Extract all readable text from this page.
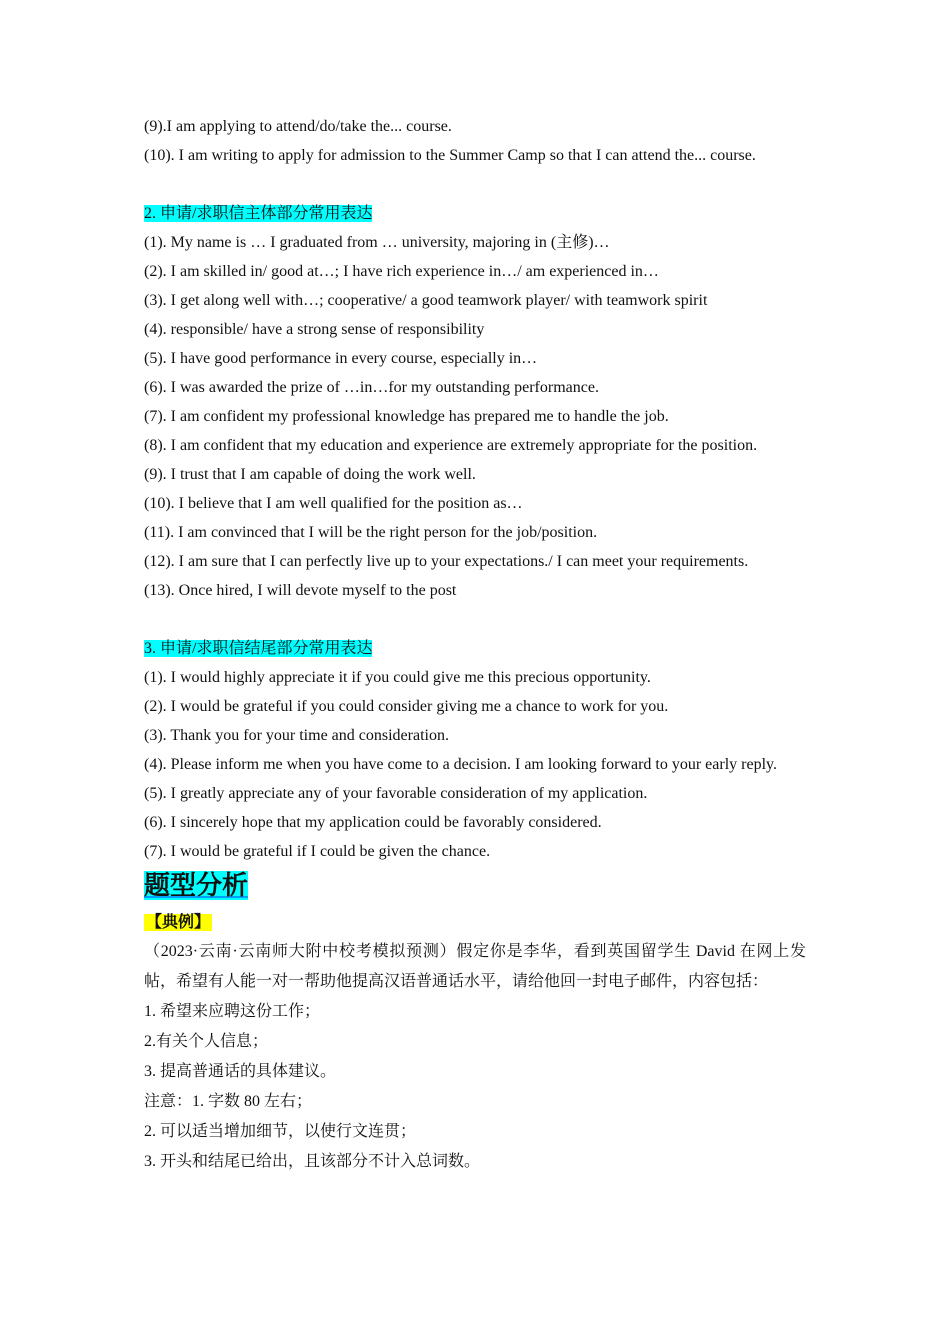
(9).I am applying to attend/do/take the... course.
(10). I am writing to apply for admission to the Summer Camp so that I can attend the... course.
2. 申请/求职信主体部分常用表达
(1). My name is … I graduated from … university, majoring in (主修)…
(2). I am skilled in/ good at…; I have rich experience in…/ am experienced in…
(3). I get along well with…; cooperative/ a good teamwork player/ with teamwork spirit
(4). responsible/ have a strong sense of responsibility
(5). I have good performance in every course, especially in…
(6). I was awarded the prize of …in…for my outstanding performance.
(7). I am confident my professional knowledge has prepared me to handle the job.
(8). I am confident that my education and experience are extremely appropriate for the position.
(9). I trust that I am capable of doing the work well.
(10). I believe that I am well qualified for the position as…
(11). I am convinced that I will be the right person for the job/position.
(12). I am sure that I can perfectly live up to your expectations./ I can meet your requirements.
(13). Once hired, I will devote myself to the post
3. 申请/求职信结尾部分常用表达
(1). I would highly appreciate it if you could give me this precious opportunity.
(2). I would be grateful if you could consider giving me a chance to work for you.
(3). Thank you for your time and consideration.
(4). Please inform me when you have come to a decision. I am looking forward to your early reply.
(5). I greatly appreciate any of your favorable consideration of my application.
(6). I sincerely hope that my application could be favorably considered.
(7). I would be grateful if I could be given the chance.
题型分析
【典例】
（2023·云南·云南师大附中校考模拟预测）假定你是李华，看到英国留学生 David 在网上发帖，希望有人能一对一帮助他提高汉语普通话水平，请给他回一封电子邮件，内容包括：
1. 希望来应聘这份工作；
2.有关个人信息；
3. 提高普通话的具体建议。
注意：1. 字数 80 左右；
2. 可以适当增加细节，以使行文连贯；
3. 开头和结尾已给出，且该部分不计入总词数。
